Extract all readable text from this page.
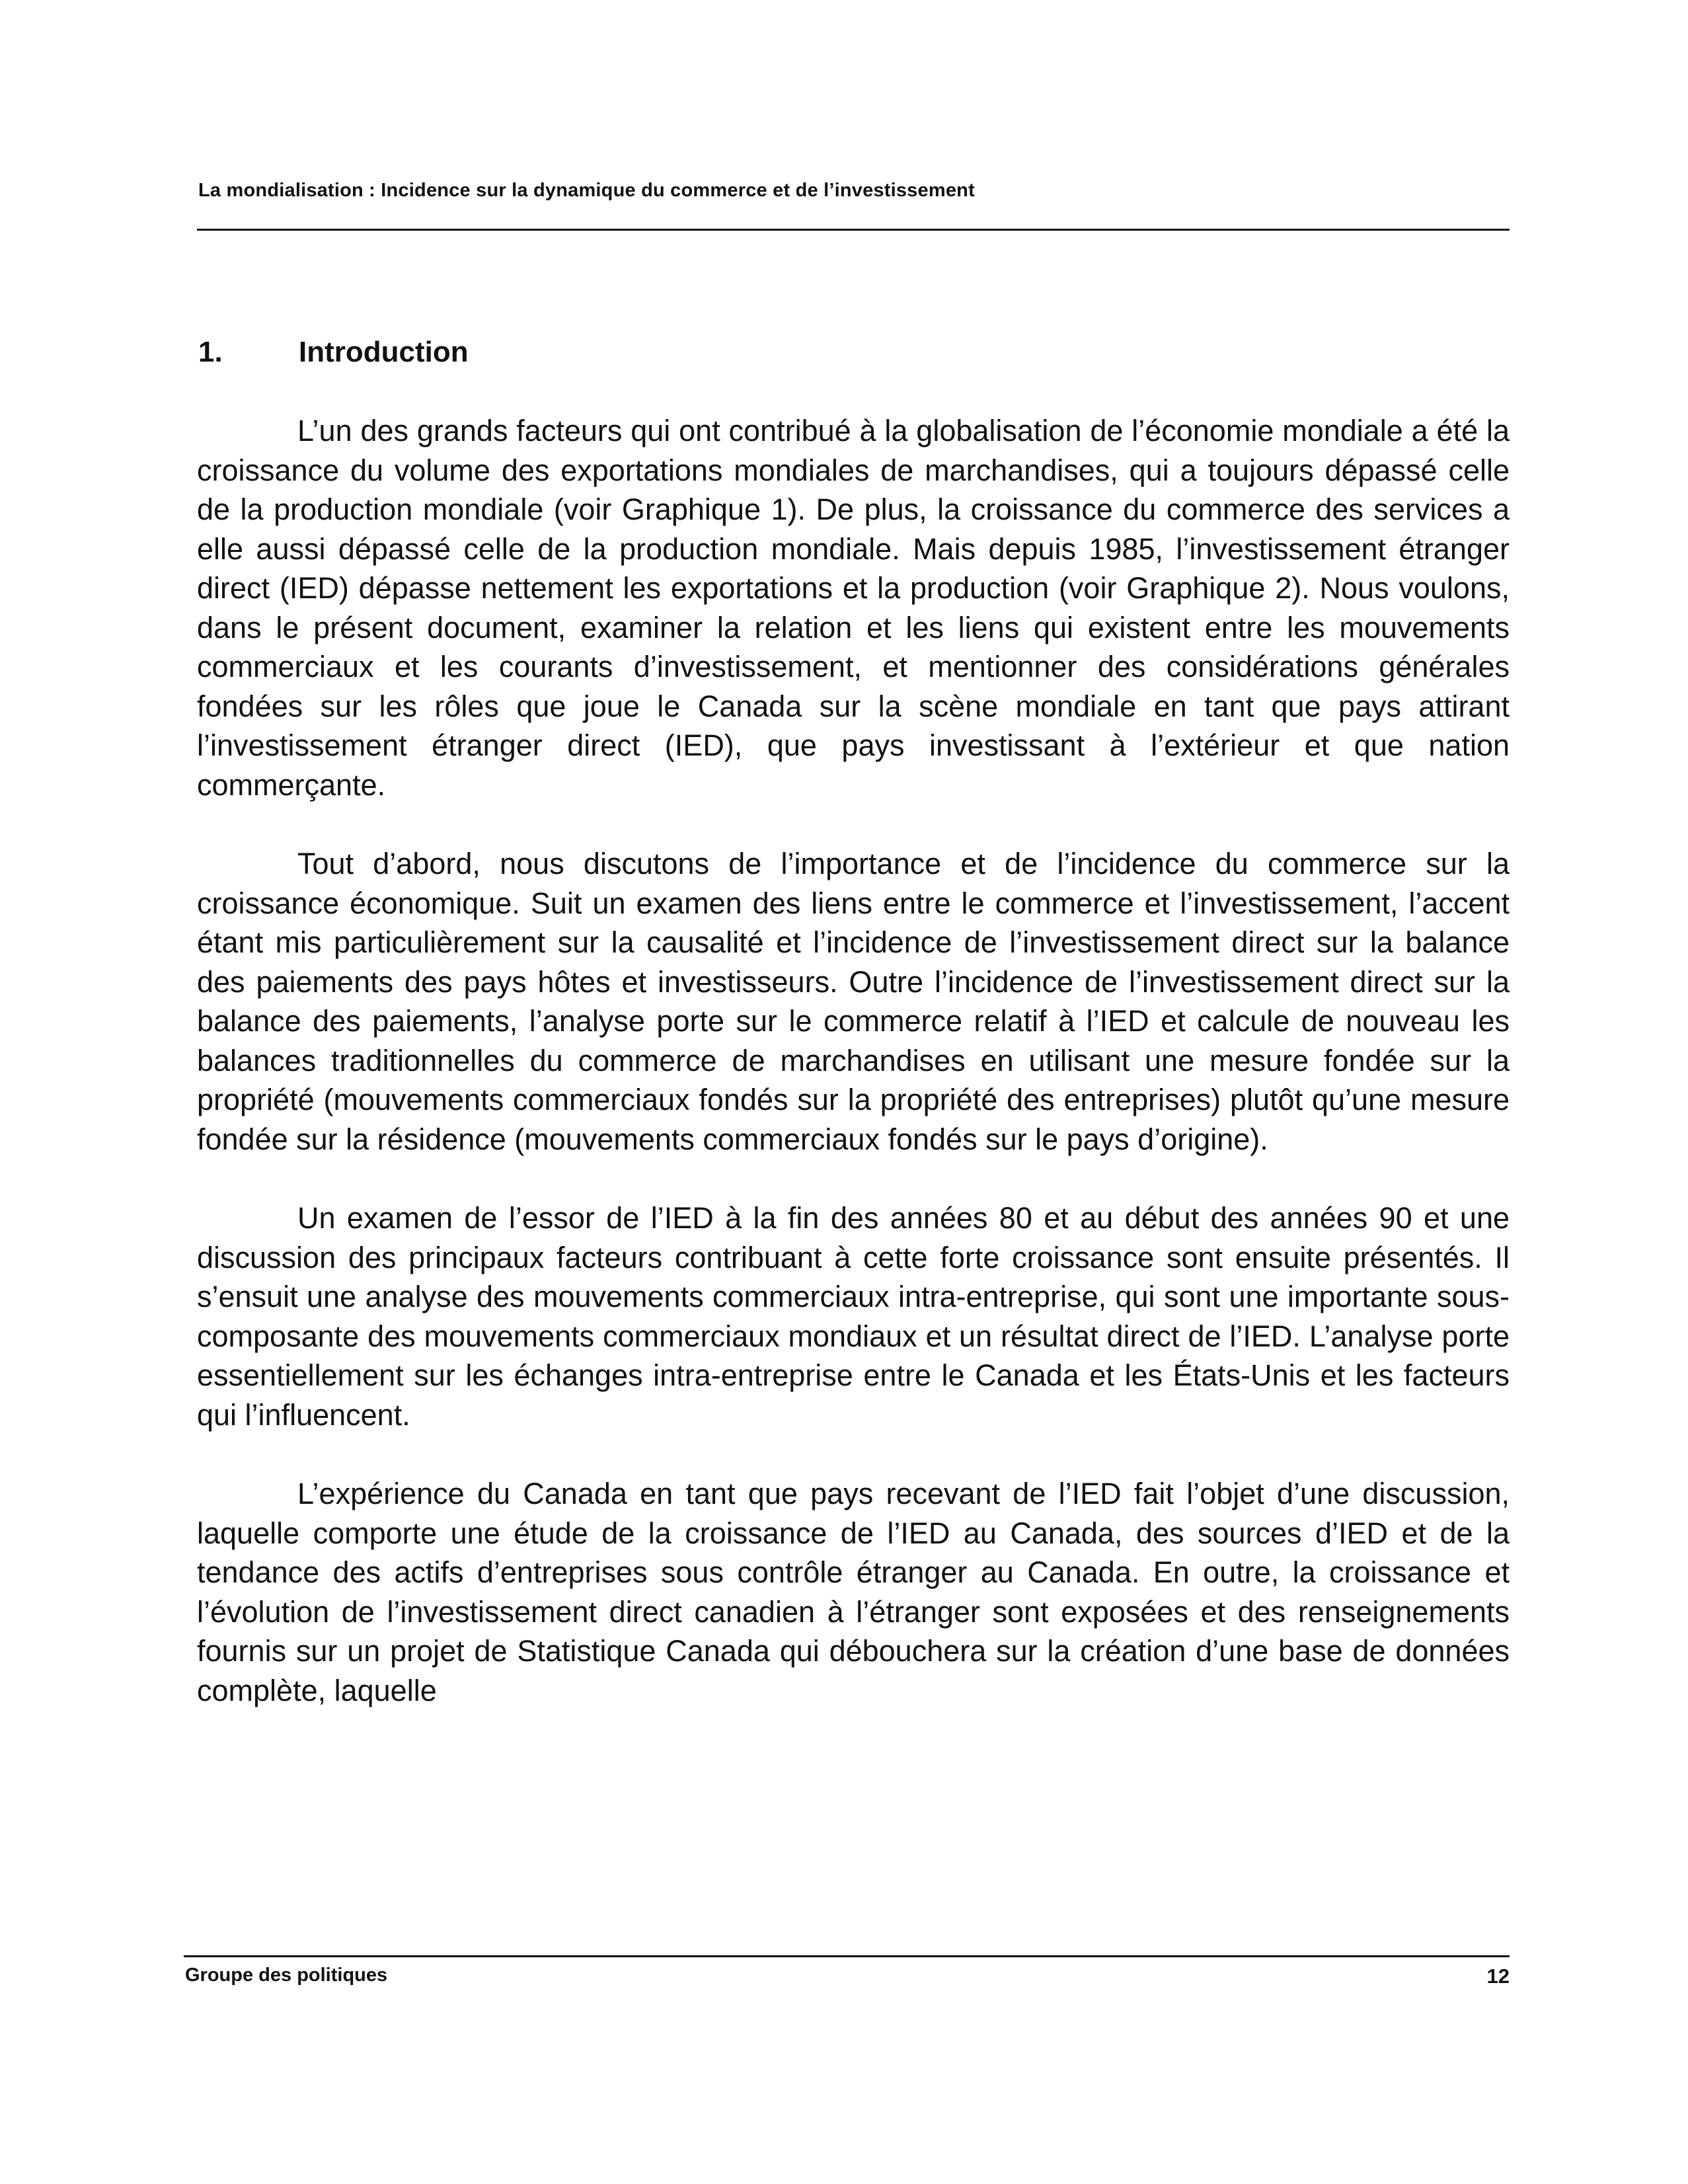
La mondialisation : Incidence sur la dynamique du commerce et de l’investissement
1.	Introduction

L’un des grands facteurs qui ont contribué à la globalisation de l’économie mondiale a été la croissance du volume des exportations mondiales de marchandises, qui a toujours dépassé celle de la production mondiale (voir Graphique 1). De plus, la croissance du commerce des services a elle aussi dépassé celle de la production mondiale. Mais depuis 1985, l’investissement étranger direct (IED) dépasse nettement les exportations et la production (voir Graphique 2). Nous voulons, dans le présent document, examiner la relation et les liens qui existent entre les mouvements commerciaux et les courants d’investissement, et mentionner des considérations générales fondées sur les rôles que joue le Canada sur la scène mondiale en tant que pays attirant l’investissement étranger direct (IED), que pays investissant à l’extérieur et que nation commerçante.

Tout d’abord, nous discutons de l’importance et de l’incidence du commerce sur la croissance économique. Suit un examen des liens entre le commerce et l’investissement, l’accent étant mis particulièrement sur la causalité et l’incidence de l’investissement direct sur la balance des paiements des pays hôtes et investisseurs. Outre l’incidence de l’investissement direct sur la balance des paiements, l’analyse porte sur le commerce relatif à l’IED et calcule de nouveau les balances traditionnelles du commerce de marchandises en utilisant une mesure fondée sur la propriété (mouvements commerciaux fondés sur la propriété des entreprises) plutôt qu’une mesure fondée sur la résidence (mouvements commerciaux fondés sur le pays d’origine).

Un examen de l’essor de l’IED à la fin des années 80 et au début des années 90 et une discussion des principaux facteurs contribuant à cette forte croissance sont ensuite présentés. Il s’ensuit une analyse des mouvements commerciaux intra-entreprise, qui sont une importante sous-composante des mouvements commerciaux mondiaux et un résultat direct de l’IED. L’analyse porte essentiellement sur les échanges intra-entreprise entre le Canada et les États-Unis et les facteurs qui l’influencent.

L’expérience du Canada en tant que pays recevant de l’IED fait l’objet d’une discussion, laquelle comporte une étude de la croissance de l’IED au Canada, des sources d’IED et de la tendance des actifs d’entreprises sous contrôle étranger au Canada. En outre, la croissance et l’évolution de l’investissement direct canadien à l’étranger sont exposées et des renseignements fournis sur un projet de Statistique Canada qui débouchera sur la création d’une base de données complète, laquelle

Groupe des politiques	12
